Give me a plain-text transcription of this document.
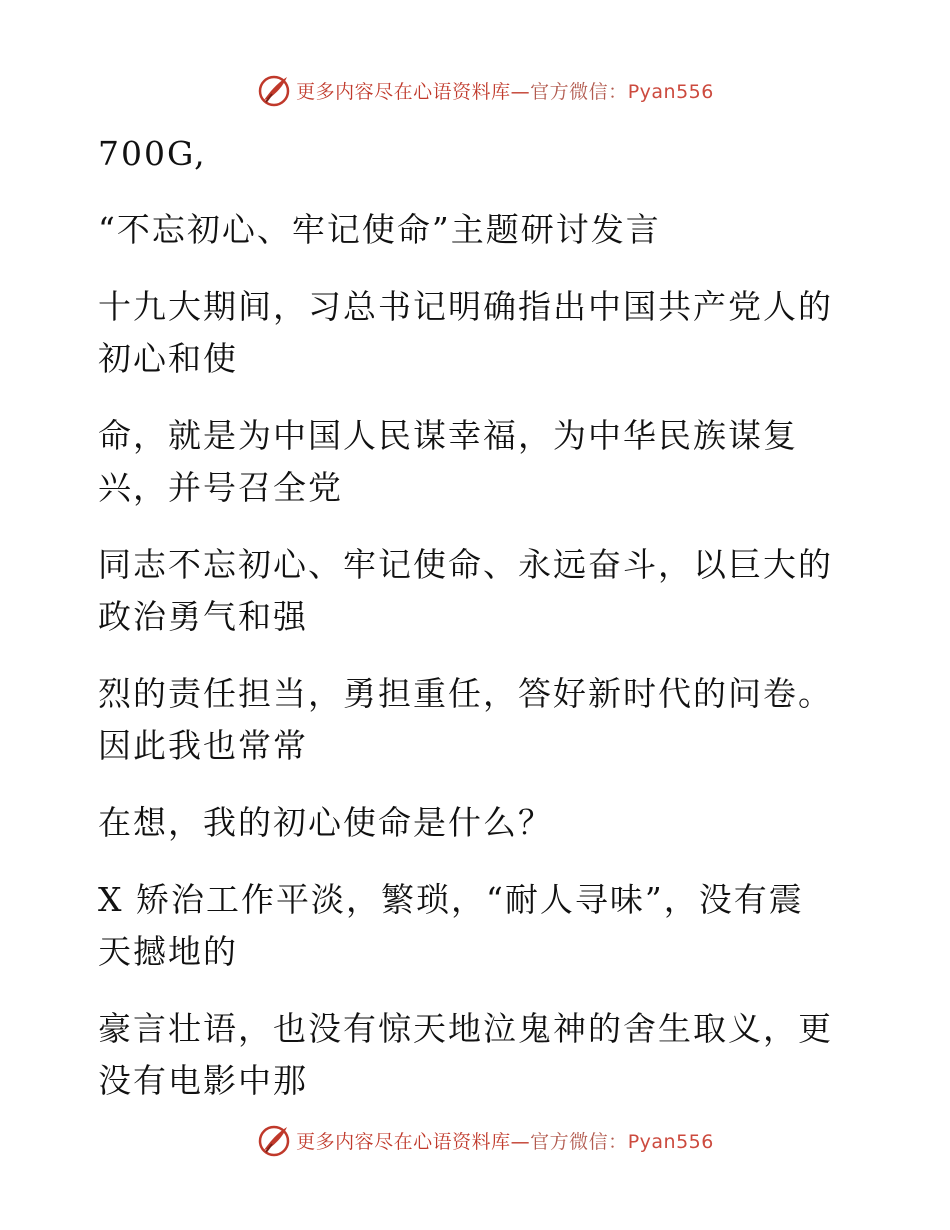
更多内容尽在心语资料库—官方微信：Pyan556
700G,
“不忘初心、牢记使命”主题研讨发言
十九大期间，习总书记明确指出中国共产党人的
初心和使
命，就是为中国人民谋幸福，为中华民族谋复
兴，并号召全党
同志不忘初心、牢记使命、永远奋斗，以巨大的
政治勇气和强
烈的责任担当，勇担重任，答好新时代的问卷。
因此我也常常
在想，我的初心使命是什么？
X 矫治工作平淡，繁琐，“耐人寻味”，没有震
天撼地的
豪言壮语，也没有惊天地泣鬼神的舍生取义，更
没有电影中那
更多内容尽在心语资料库—官方微信：Pyan556
